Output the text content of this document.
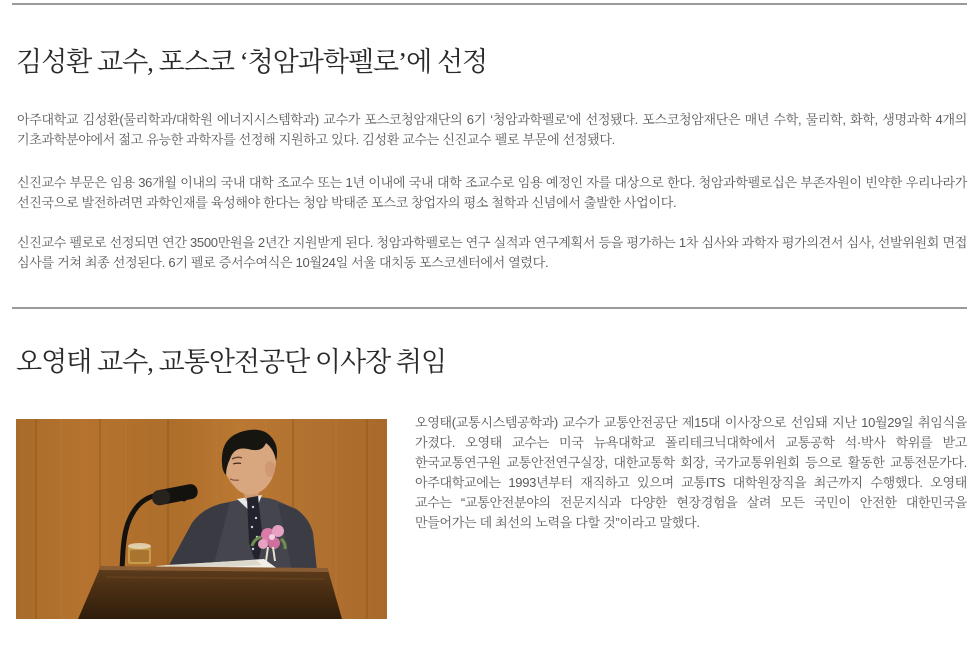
김성환 교수, 포스코 ‘청암과학펠로’에 선정

아주대학교 김성환(물리학과/대학원 에너지시스템학과) 교수가 포스코청암재단의 6기 ‘청암과학펠로’에 선정됐다. 포스코청암재단은 매년 수학, 물리학, 화학, 생명과학 4개의 기초과학분야에서 젊고 유능한 과학자를 선정해 지원하고 있다. 김성환 교수는 신진교수 펠로 부문에 선정됐다.

신진교수 부문은 임용 36개월 이내의 국내 대학 조교수 또는 1년 이내에 국내 대학 조교수로 임용 예정인 자를 대상으로 한다. 청암과학펠로십은 부존자원이 빈약한 우리나라가 선진국으로 발전하려면 과학인재를 육성해야 한다는 청암 박태준 포스코 창업자의 평소 철학과 신념에서 출발한 사업이다.

신진교수 펠로로 선정되면 연간 3500만원을 2년간 지원받게 된다. 청암과학펠로는 연구 실적과 연구계획서 등을 평가하는 1차 심사와 과학자 평가의견서 심사, 선발위원회 면접 심사를 거쳐 최종 선정된다. 6기 펠로 증서수여식은 10월24일 서울 대치동 포스코센터에서 열렸다.

오영태 교수, 교통안전공단 이사장 취임

오영태(교통시스템공학과) 교수가 교통안전공단 제15대 이사장으로 선임돼 지난 10월29일 취임식을 가졌다. 오영태 교수는 미국 뉴욕대학교 폴리테크닉대학에서 교통공학 석·박사 학위를 받고 한국교통연구원 교통안전연구실장, 대한교통학 회장, 국가교통위원회 등으로 활동한 교통전문가다. 아주대학교에는 1993년부터 재직하고 있으며 교통ITS 대학원장직을 최근까지 수행했다. 오영태 교수는 “교통안전분야의 전문지식과 다양한 현장경험을 살려 모든 국민이 안전한 대한민국을 만들어가는 데 최선의 노력을 다할 것”이라고 말했다.
